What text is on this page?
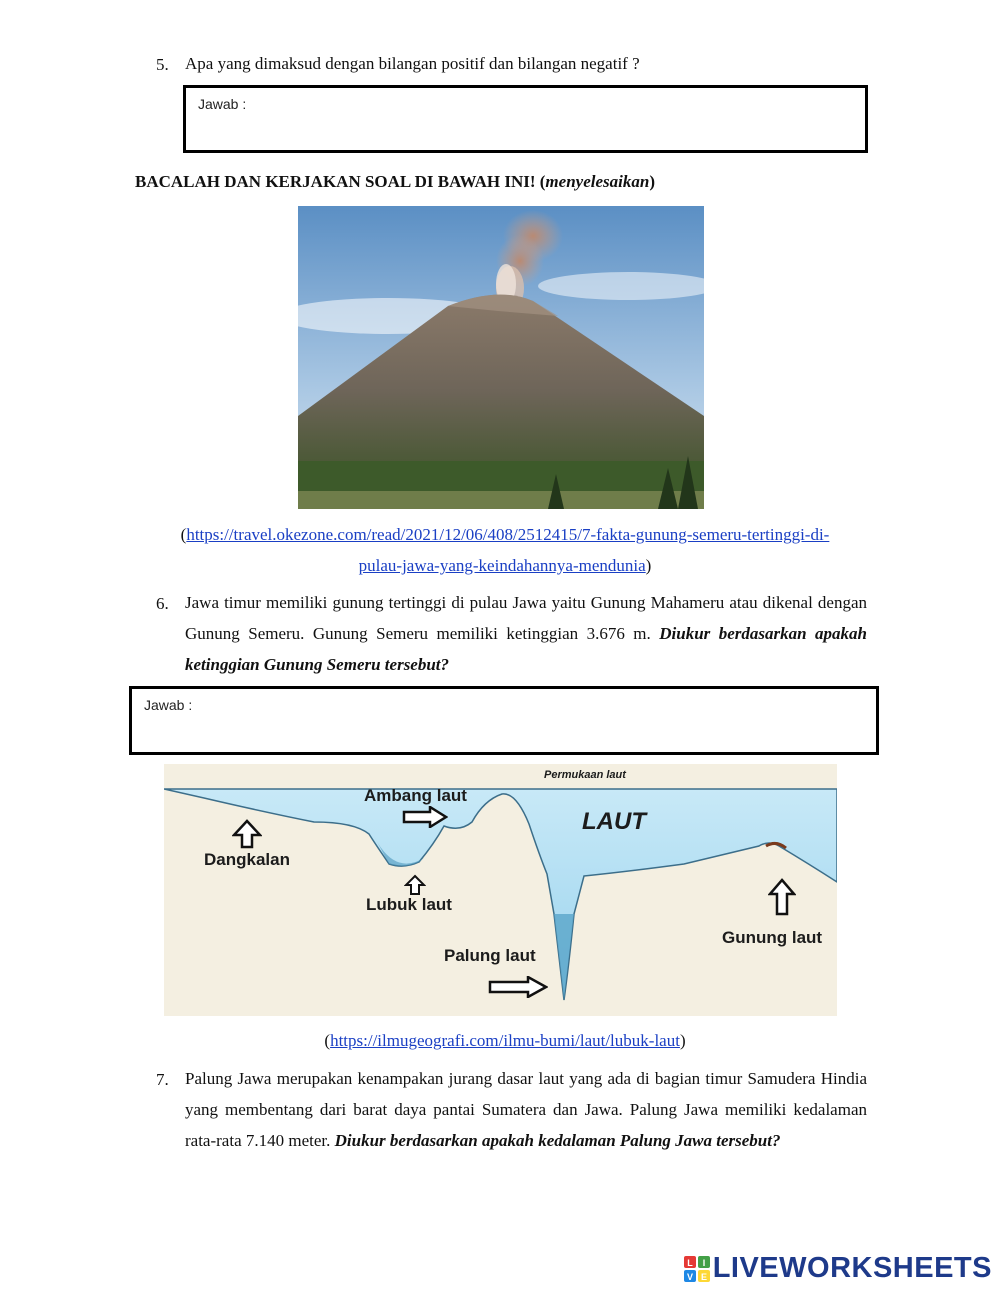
5. Apa yang dimaksud dengan bilangan positif dan bilangan negatif ?
Jawab :
BACALAH DAN KERJAKAN SOAL DI BAWAH INI! (menyelesaikan)
(https://travel.okezone.com/read/2021/12/06/408/2512415/7-fakta-gunung-semeru-tertinggi-di-
pulau-jawa-yang-keindahannya-mendunia)
6. Jawa timur memiliki gunung tertinggi di pulau Jawa yaitu Gunung Mahameru atau dikenal dengan Gunung Semeru. Gunung Semeru memiliki ketinggian 3.676 m. Diukur berdasarkan apakah ketinggian Gunung Semeru tersebut?
Jawab :
Permukaan laut
LAUT
Ambang laut
Dangkalan
Lubuk laut
Palung laut
Gunung laut
(https://ilmugeografi.com/ilmu-bumi/laut/lubuk-laut)
7. Palung Jawa merupakan kenampakan jurang dasar laut yang ada di bagian timur Samudera Hindia yang membentang dari barat daya pantai Sumatera dan Jawa. Palung Jawa memiliki kedalaman rata-rata 7.140 meter. Diukur berdasarkan apakah kedalaman Palung Jawa tersebut?
L I
V E LIVEWORKSHEETS
